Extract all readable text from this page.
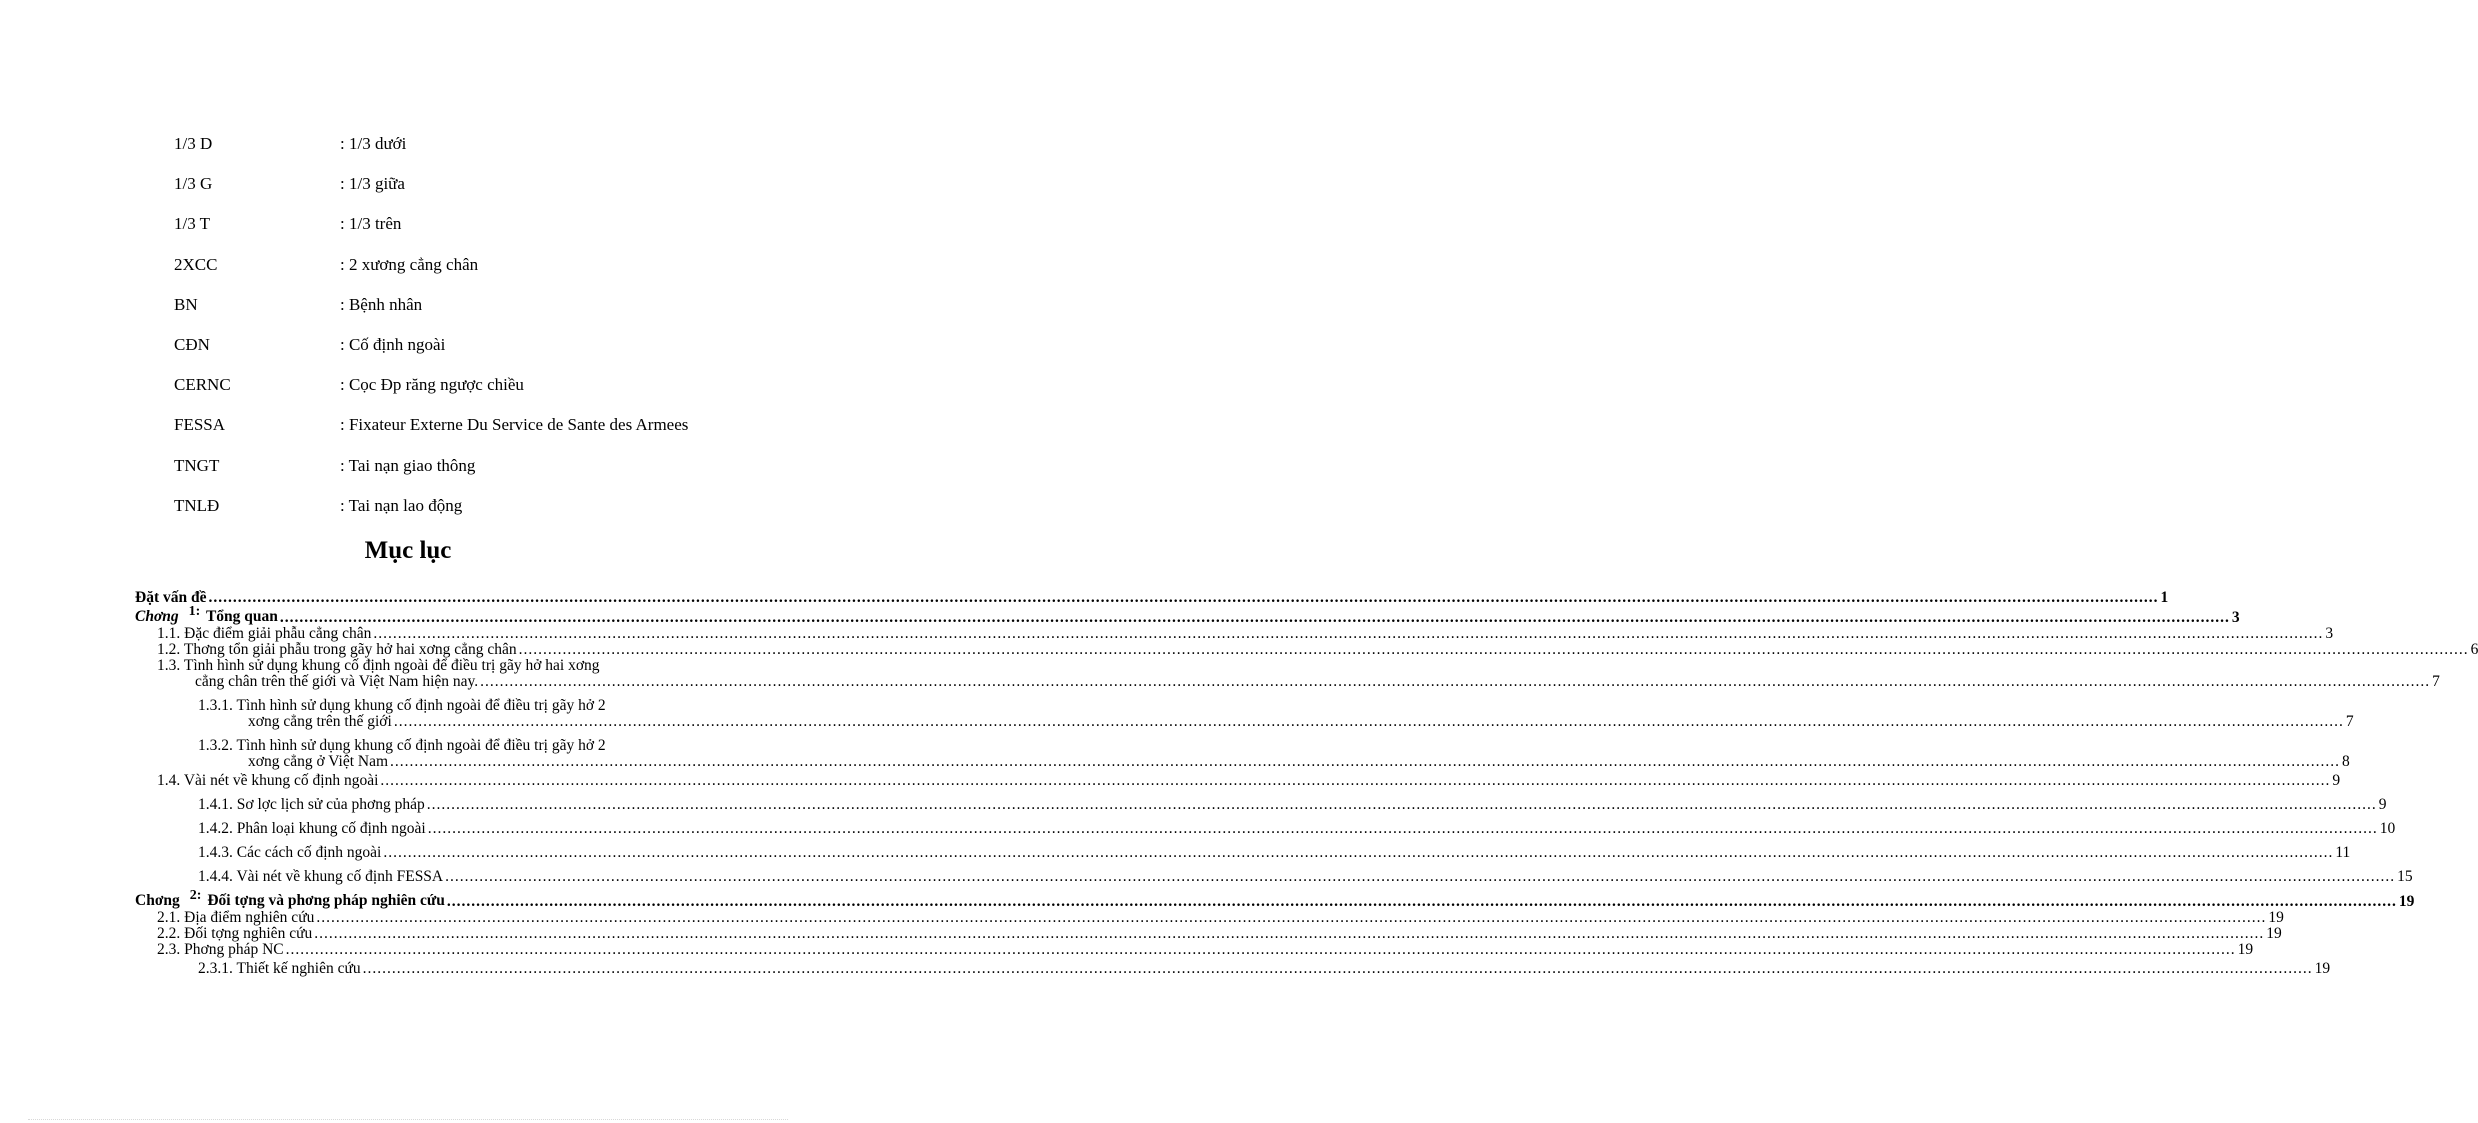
1/3 D	: 1/3 dưới
1/3 G	: 1/3 giữa
1/3 T	: 1/3 trên
2XCC	: 2 xương cẳng chân
BN	: Bệnh nhân
CĐN	: Cố định ngoài
CERNC	: Cọc Đp răng ngược chiều
FESSA	: Fixateur Externe Du Service de Sante des Armees
TNGT	: Tai nạn giao thông
TNLĐ	: Tai nạn lao động
Mục lục
Đặt vấn đề ................................................................................................................................................................................................................................................................................................................................................................................................................ 1
Chơng 1: Tổng quan ................................................................................................................................................................................................................................................................................................................................................................................................................ 3
1.1. Đặc điểm giải phẫu cẳng chân ................................................................................................................................................................................................................................................................................................................................................................................................................ 3
1.2. Thơng tổn giải phẫu trong gãy hở hai xơng cẳng chân ................................................................................................................................................................................................................................................................................................................................................................................................................ 6
1.3. Tình hình sử dụng khung cố định ngoài để điều trị gãy hở hai xơng
cẳng chân trên thế giới và Việt Nam hiện nay. ................................................................................................................................................................................................................................................................................................................................................................................................................ 7
1.3.1. Tình hình sử dụng khung cố định ngoài để điều trị gãy hở 2
xơng cẳng trên thế giới ................................................................................................................................................................................................................................................................................................................................................................................................................ 7
1.3.2. Tình hình sử dụng khung cố định ngoài để điều trị gãy hở 2
xơng cẳng ở Việt Nam ................................................................................................................................................................................................................................................................................................................................................................................................................ 8
1.4. Vài nét về khung cố định ngoài ................................................................................................................................................................................................................................................................................................................................................................................................................ 9
1.4.1. Sơ lợc lịch sử của phơng pháp ................................................................................................................................................................................................................................................................................................................................................................................................................ 9
1.4.2. Phân loại khung cố định ngoài ................................................................................................................................................................................................................................................................................................................................................................................................................ 10
1.4.3. Các cách cố định ngoài ................................................................................................................................................................................................................................................................................................................................................................................................................ 11
1.4.4. Vài nét về khung cố định FESSA ................................................................................................................................................................................................................................................................................................................................................................................................................ 15
Chơng 2: Đối tợng và phơng pháp nghiên cứu ................................................................................................................................................................................................................................................................................................................................................................................................................ 19
2.1. Địa điểm nghiên cứu ................................................................................................................................................................................................................................................................................................................................................................................................................ 19
2.2. Đối tợng nghiên cứu ................................................................................................................................................................................................................................................................................................................................................................................................................ 19
2.3. Phơng pháp NC ................................................................................................................................................................................................................................................................................................................................................................................................................ 19
2.3.1. Thiết kế nghiên cứu ................................................................................................................................................................................................................................................................................................................................................................................................................ 19
